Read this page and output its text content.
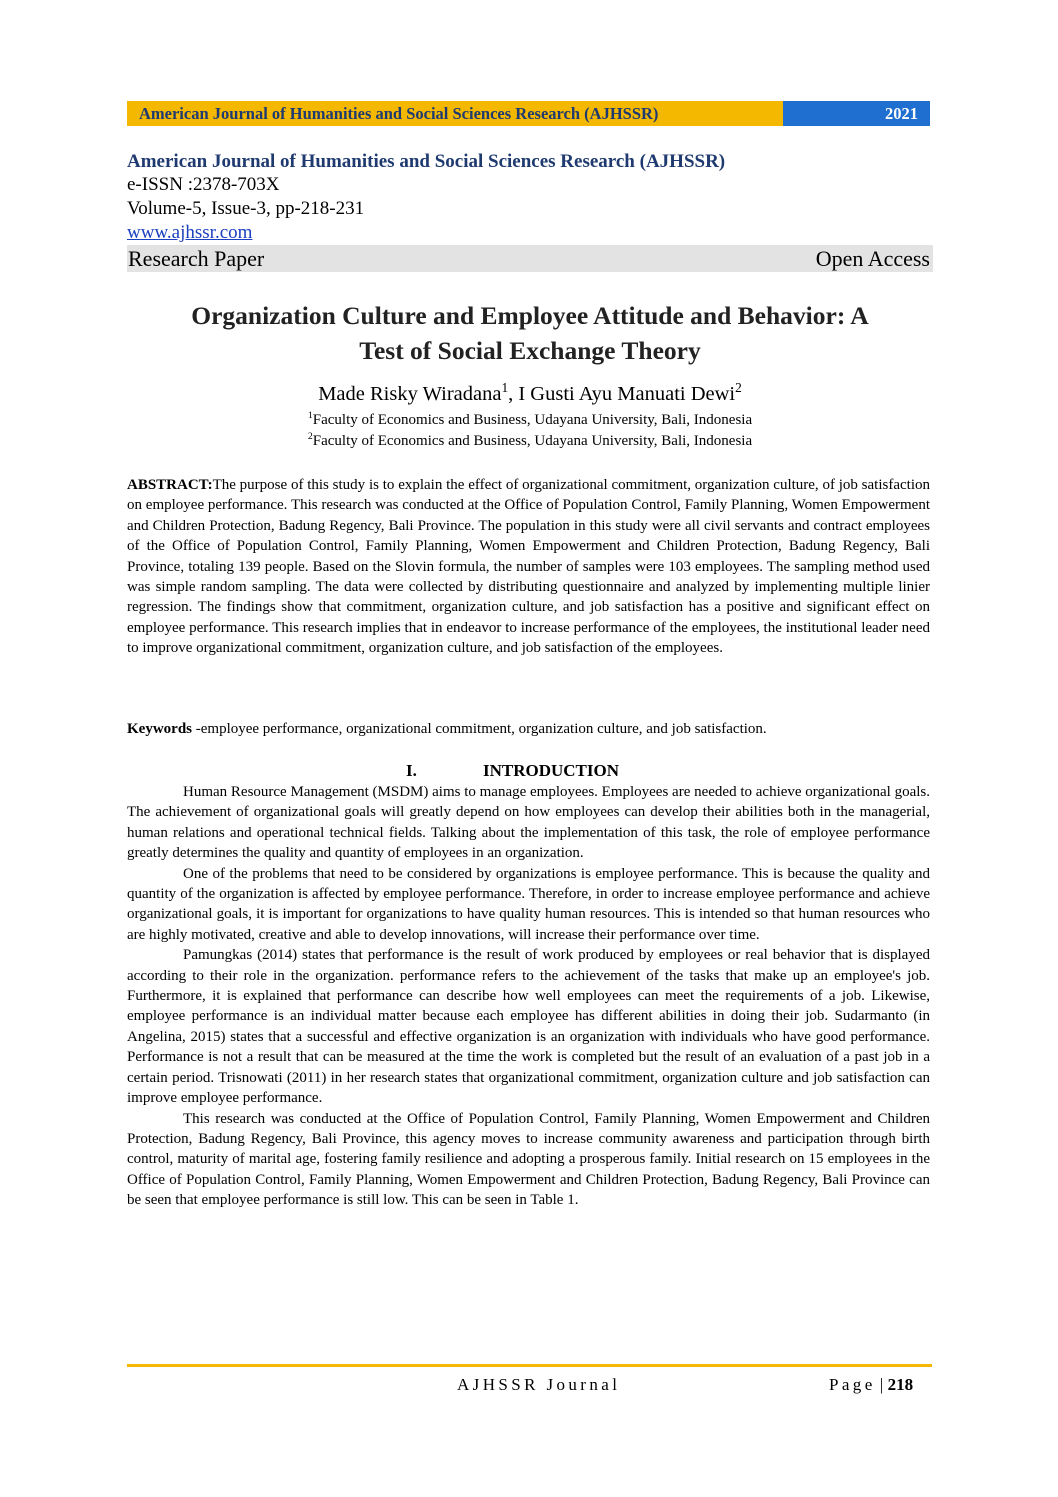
American Journal of Humanities and Social Sciences Research (AJHSSR)	2021
American Journal of Humanities and Social Sciences Research (AJHSSR)
e-ISSN :2378-703X
Volume-5, Issue-3, pp-218-231
www.ajhssr.com
Research Paper	Open Access
Organization Culture and Employee Attitude and Behavior: A
Test of Social Exchange Theory
Made Risky Wiradana$^1$, I Gusti Ayu Manuati Dewi$^2$
$^1$Faculty of Economics and Business, Udayana University, Bali, Indonesia
$^2$Faculty of Economics and Business, Udayana University, Bali, Indonesia
ABSTRACT:The purpose of this study is to explain the effect of organizational commitment, organization culture, of job satisfaction on employee performance. This research was conducted at the Office of Population Control, Family Planning, Women Empowerment and Children Protection, Badung Regency, Bali Province. The population in this study were all civil servants and contract employees of the Office of Population Control, Family Planning, Women Empowerment and Children Protection, Badung Regency, Bali Province, totaling 139 people. Based on the Slovin formula, the number of samples were 103 employees. The sampling method used was simple random sampling. The data were collected by distributing questionnaire and analyzed by implementing multiple linier regression. The findings show that commitment, organization culture, and job satisfaction has a positive and significant effect on employee performance. This research implies that in endeavor to increase performance of the employees, the institutional leader need to improve organizational commitment, organization culture, and job satisfaction of the employees.
Keywords -employee performance, organizational commitment, organization culture, and job satisfaction.
I.	INTRODUCTION

Human Resource Management (MSDM) aims to manage employees. Employees are needed to achieve organizational goals. The achievement of organizational goals will greatly depend on how employees can develop their abilities both in the managerial, human relations and operational technical fields. Talking about the implementation of this task, the role of employee performance greatly determines the quality and quantity of employees in an organization.

One of the problems that need to be considered by organizations is employee performance. This is because the quality and quantity of the organization is affected by employee performance. Therefore, in order to increase employee performance and achieve organizational goals, it is important for organizations to have quality human resources. This is intended so that human resources who are highly motivated, creative and able to develop innovations, will increase their performance over time.

Pamungkas (2014) states that performance is the result of work produced by employees or real behavior that is displayed according to their role in the organization. performance refers to the achievement of the tasks that make up an employee's job. Furthermore, it is explained that performance can describe how well employees can meet the requirements of a job. Likewise, employee performance is an individual matter because each employee has different abilities in doing their job. Sudarmanto (in Angelina, 2015) states that a successful and effective organization is an organization with individuals who have good performance. Performance is not a result that can be measured at the time the work is completed but the result of an evaluation of a past job in a certain period. Trisnowati (2011) in her research states that organizational commitment, organization culture and job satisfaction can improve employee performance.

This research was conducted at the Office of Population Control, Family Planning, Women Empowerment and Children Protection, Badung Regency, Bali Province, this agency moves to increase community awareness and participation through birth control, maturity of marital age, fostering family resilience and adopting a prosperous family. Initial research on 15 employees in the Office of Population Control, Family Planning, Women Empowerment and Children Protection, Badung Regency, Bali Province can be seen that employee performance is still low. This can be seen in Table 1.

AJHSSR Journal	Page | 218
